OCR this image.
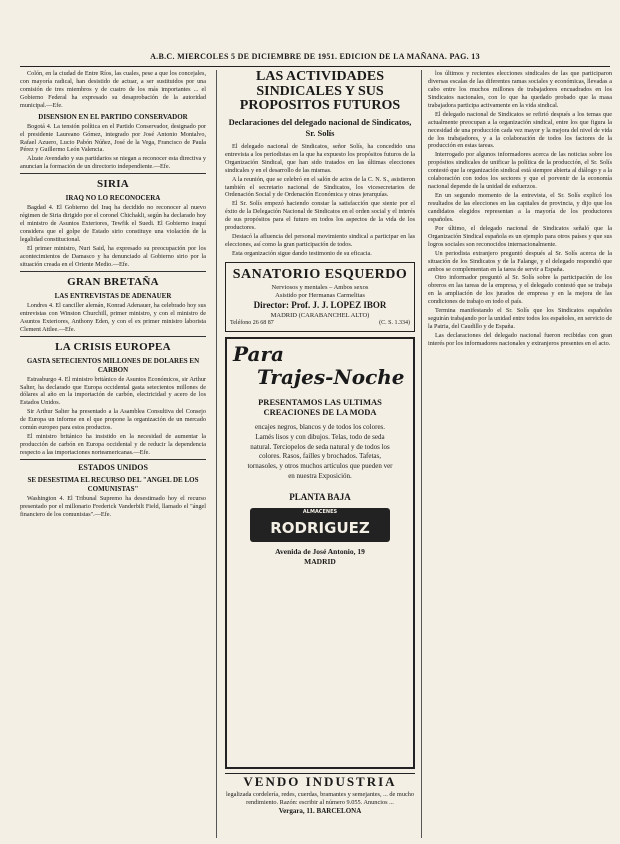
A.B.C. MIERCOLES 5 DE DICIEMBRE DE 1951. EDICION DE LA MAÑANA. PAG. 13

Colón, en la ciudad de Entre Ríos, las cuales, pese a que los concejales, con mayoría radical, han desistido de actuar, a ser sustituidos por una comisión de tres miembros y de cuatro de los más importantes ... el Gobierno Federal ha expresado su desaprobación de la autoridad municipal.—Efe.

DISENSION EN EL PARTIDO CONSERVADOR

Bogotá 4. La tensión política en el Partido Conservador, designado por el presidente Laureano Gómez, integrado por José Antonio Montalvo, Rafael Azuero, Lucio Pabón Núñez, José de la Vega, Francisco de Paula Pérez y Guillermo León Valencia.

Alzate Avendaño y sus partidarios se niegan a reconocer esta directiva y anuncian la formación de un directorio independiente.—Efe.

SIRIA
IRAQ NO LO RECONOCERA

Bagdad 4. El Gobierno del Iraq ha decidido no reconocer al nuevo régimen de Siria dirigido por el coronel Chichakli, según ha declarado hoy el ministro de Asuntos Exteriores, Tewfik el Suedi. El Gobierno iraquí considera que el golpe de Estado sirio constituye una violación de la legalidad constitucional.

El primer ministro, Nuri Said, ha expresado su preocupación por los acontecimientos de Damasco y ha denunciado al Gobierno sirio por la situación creada en el Oriente Medio.—Efe.

GRAN BRETAÑA
LAS ENTREVISTAS DE ADENAUER

Londres 4. El canciller alemán, Konrad Adenauer, ha celebrado hoy sus entrevistas con Winston Churchill, primer ministro, y con el ministro de Asuntos Exteriores, Anthony Eden, y con el ex primer ministro laborista Clement Attlee.—Efe.

LA CRISIS EUROPEA
GASTA SETECIENTOS MILLONES DE DOLARES EN CARBON

Estrasburgo 4. El ministro británico de Asuntos Económicos, sir Arthur Salter, ha declarado que Europa occidental gasta setecientos millones de dólares al año en la importación de carbón, electricidad y acero de los Estados Unidos.

Sir Arthur Salter ha presentado a la Asamblea Consultiva del Consejo de Europa un informe en el que propone la organización de un mercado común europeo para estos productos.

El ministro británico ha insistido en la necesidad de aumentar la producción de carbón en Europa occidental y de reducir la dependencia respecto a las importaciones norteamericanas.—Efe.

ESTADOS UNIDOS
SE DESESTIMA EL RECURSO DEL "ANGEL DE LOS COMUNISTAS"

Washington 4. El Tribunal Supremo ha desestimado hoy el recurso presentado por el millonario Frederick Vanderbilt Field, llamado el "ángel financiero de los comunistas".—Efe.

LAS ACTIVIDADES SINDICALES Y SUS PROPOSITOS FUTUROS
Declaraciones del delegado nacional de Sindicatos, Sr. Solís

El delegado nacional de Sindicatos, señor Solís, ha concedido una entrevista a los periodistas en la que ha expuesto los propósitos futuros de la Organización Sindical, que han sido tratados en las últimas elecciones sindicales y en el desarrollo de las mismas.

A la reunión, que se celebró en el salón de actos de la C. N. S., asistieron también el secretario nacional de Sindicatos, los vicesecretarios de Ordenación Social y de Ordenación Económica y otras jerarquías.

El Sr. Solís empezó haciendo constar la satisfacción que siente por el éxito de la Delegación Nacional de Sindicatos en el orden social y el interés de sus propósitos para el futuro en todos los aspectos de la vida de los productores.

Destacó la afluencia del personal movimiento sindical a participar en las elecciones, así como la gran participación de todos.

Esta organización sigue dando testimonio de su eficacia.

SANATORIO ESQUERDO
Nerviosos y mentales – Ambos sexos
Asistido por Hermanas Carmelitas
Director: Prof. J. J. LOPEZ IBOR
MADRID (CARABANCHEL ALTO)
Teléfono 26 68 87	(C. S. 1.334)
Para
Trajes-Noche
PRESENTAMOS LAS ULTIMAS CREACIONES DE LA MODA
encajes negros, blancos y de todos los colores. Lamés lisos y con dibujos. Telas, todo de seda natural. Terciopelos de seda natural y de todos los colores. Rasos, failles y brochados. Tafetas, tornasoles, y otros muchos artículos que pueden ver en nuestra Exposición.
PLANTA BAJA
ALMACENES
RODRIGUEZ
Avenida de José Antonio, 19
MADRID
VENDO INDUSTRIA
legalizada cordelería, redes, cuerdas, bramantes y semejantes, ... de mucho rendimiento. Razón: escribir al número 9.055. Anuncios ...
Vergara, 11. BARCELONA

los últimos y recientes elecciones sindicales de las que participaron diversas escalas de las diferentes ramas sociales y económicas, llevadas a cabo entre los muchos millones de trabajadores encuadrados en los Sindicatos nacionales, con lo que ha quedado probado que la masa trabajadora participa activamente en la vida sindical.

El delegado nacional de Sindicatos se refirió después a los temas que actualmente preocupan a la organización sindical, entre los que figura la necesidad de una producción cada vez mayor y la mejora del nivel de vida de los trabajadores, y a la colaboración de todos los factores de la producción en estas tareas.

Interrogado por algunos informadores acerca de las noticias sobre los propósitos sindicales de unificar la política de la producción, el Sr. Solís contestó que la organización sindical está siempre abierta al diálogo y a la colaboración con todos los sectores y que el porvenir de la economía nacional depende de la unidad de esfuerzos.

En un segundo momento de la entrevista, el Sr. Solís explicó los resultados de las elecciones en las capitales de provincia, y dijo que los candidatos elegidos representan a la mayoría de los productores españoles.

Por último, el delegado nacional de Sindicatos señaló que la Organización Sindical española es un ejemplo para otros países y que sus logros sociales son reconocidos internacionalmente.

Un periodista extranjero preguntó después al Sr. Solís acerca de la situación de los Sindicatos y de la Falange, y el delegado respondió que ambos se complementan en la tarea de servir a España.

Otro informador preguntó al Sr. Solís sobre la participación de los obreros en las tareas de la empresa, y el delegado contestó que se trabaja en la ampliación de los jurados de empresa y en la mejora de las condiciones de trabajo en todo el país.

Termina manifestando el Sr. Solís que los Sindicatos españoles seguirán trabajando por la unidad entre todos los españoles, en servicio de la Patria, del Caudillo y de España.

Las declaraciones del delegado nacional fueron recibidas con gran interés por los informadores nacionales y extranjeros presentes en el acto.
